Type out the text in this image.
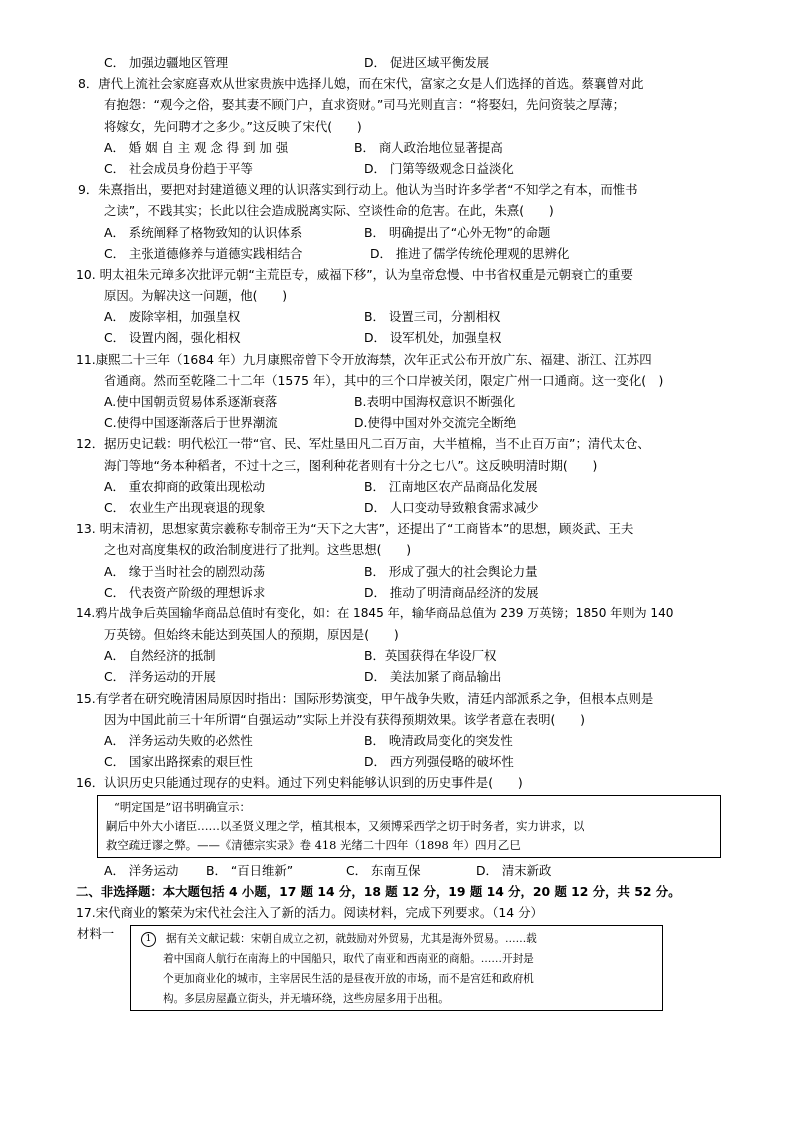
C． 加强边疆地区管理	D． 促进区域平衡发展
8．唐代上流社会家庭喜欢从世家贵族中选择儿媳，而在宋代，富家之女是人们选择的首选。蔡襄曾对此
有抱怨：“观今之俗，娶其妻不顾门户，直求资财。”司马光则直言：“将娶妇，先问资装之厚薄；
将嫁女，先问聘才之多少。”这反映了宋代(　　)
A． 婚 姻 自 主 观 念 得 到 加 强	B． 商人政治地位显著提高
C． 社会成员身份趋于平等	D． 门第等级观念日益淡化
9．朱熹指出，要把对封建道德义理的认识落实到行动上。他认为当时许多学者“不知学之有本，而惟书
之读”，不践其实；长此以往会造成脱离实际、空谈性命的危害。在此，朱熹(　　)
A． 系统阐释了格物致知的认识体系	B． 明确提出了“心外无物”的命题
C． 主张道德修养与道德实践相结合	D． 推进了儒学传统伦理观的思辨化
10. 明太祖朱元璋多次批评元朝“主荒臣专，威福下移”，认为皇帝怠慢、中书省权重是元朝衰亡的重要
原因。为解决这一问题，他(　　)
A． 废除宰相，加强皇权	B． 设置三司，分割相权
C． 设置内阁，强化相权	D． 设军机处，加强皇权
11.康熙二十三年（1684 年）九月康熙帝曾下令开放海禁，次年正式公布开放广东、福建、浙江、江苏四
省通商。然而至乾隆二十二年（1575 年），其中的三个口岸被关闭，限定广州一口通商。这一变化(　)
A.使中国朝贡贸易体系逐渐衰落	B.表明中国海权意识不断强化
C.使得中国逐渐落后于世界潮流	D.使得中国对外交流完全断绝
12．据历史记载：明代松江一带“官、民、军灶垦田凡二百万亩，大半植棉，当不止百万亩”；清代太仓、
海门等地“务本种稻者，不过十之三，图利种花者则有十分之七八”。这反映明清时期(　　)
A． 重农抑商的政策出现松动	B． 江南地区农产品商品化发展
C． 农业生产出现衰退的现象	D． 人口变动导致粮食需求减少
13. 明末清初，思想家黄宗羲称专制帝王为“天下之大害”，还提出了“工商皆本”的思想，顾炎武、王夫
之也对高度集权的政治制度进行了批判。这些思想(　　)
A． 缘于当时社会的剧烈动荡	B． 形成了强大的社会舆论力量
C． 代表资产阶级的理想诉求	D． 推动了明清商品经济的发展
14.鸦片战争后英国输华商品总值时有变化，如：在 1845 年，输华商品总值为 239 万英镑；1850 年则为 140
万英镑。但始终未能达到英国人的预期，原因是(　　)
A． 自然经济的抵制	B．英国获得在华设厂权
C． 洋务运动的开展	D． 美法加紧了商品输出
15.有学者在研究晚清困局原因时指出：国际形势演变，甲午战争失败，清廷内部派系之争，但根本点则是
因为中国此前三十年所谓“自强运动”实际上并没有获得预期效果。该学者意在表明(　　)
A． 洋务运动失败的必然性	B． 晚清政局变化的突发性
C． 国家出路探索的艰巨性	D． 西方列强侵略的破坏性
16．认识历史只能通过现存的史料。通过下列史料能够认识到的历史事件是(　　)
“明定国是”诏书明确宣示：
嗣后中外大小诸臣……以圣贤义理之学，植其根本，又须博采西学之切于时务者，实力讲求，以
救空疏迂谬之弊。——《清德宗实录》卷 418 光绪二十四年（1898 年）四月乙巳
A． 洋务运动 B． “百日维新”	C． 东南互保	D． 清末新政
二、非选择题：本大题包括 4 小题，17 题 14 分，18 题 12 分，19 题 14 分，20 题 12 分，共 52 分。
17.宋代商业的繁荣为宋代社会注入了新的活力。阅读材料，完成下列要求。（14 分）
材料一	1 据有关文献记载：宋朝自成立之初，就鼓励对外贸易，尤其是海外贸易。……载
着中国商人航行在南海上的中国船只，取代了南亚和西南亚的商船。……开封是
个更加商业化的城市，主宰居民生活的是昼夜开放的市场，而不是宫廷和政府机
构。多层房屋矗立街头，并无墙环绕，这些房屋多用于出租。
